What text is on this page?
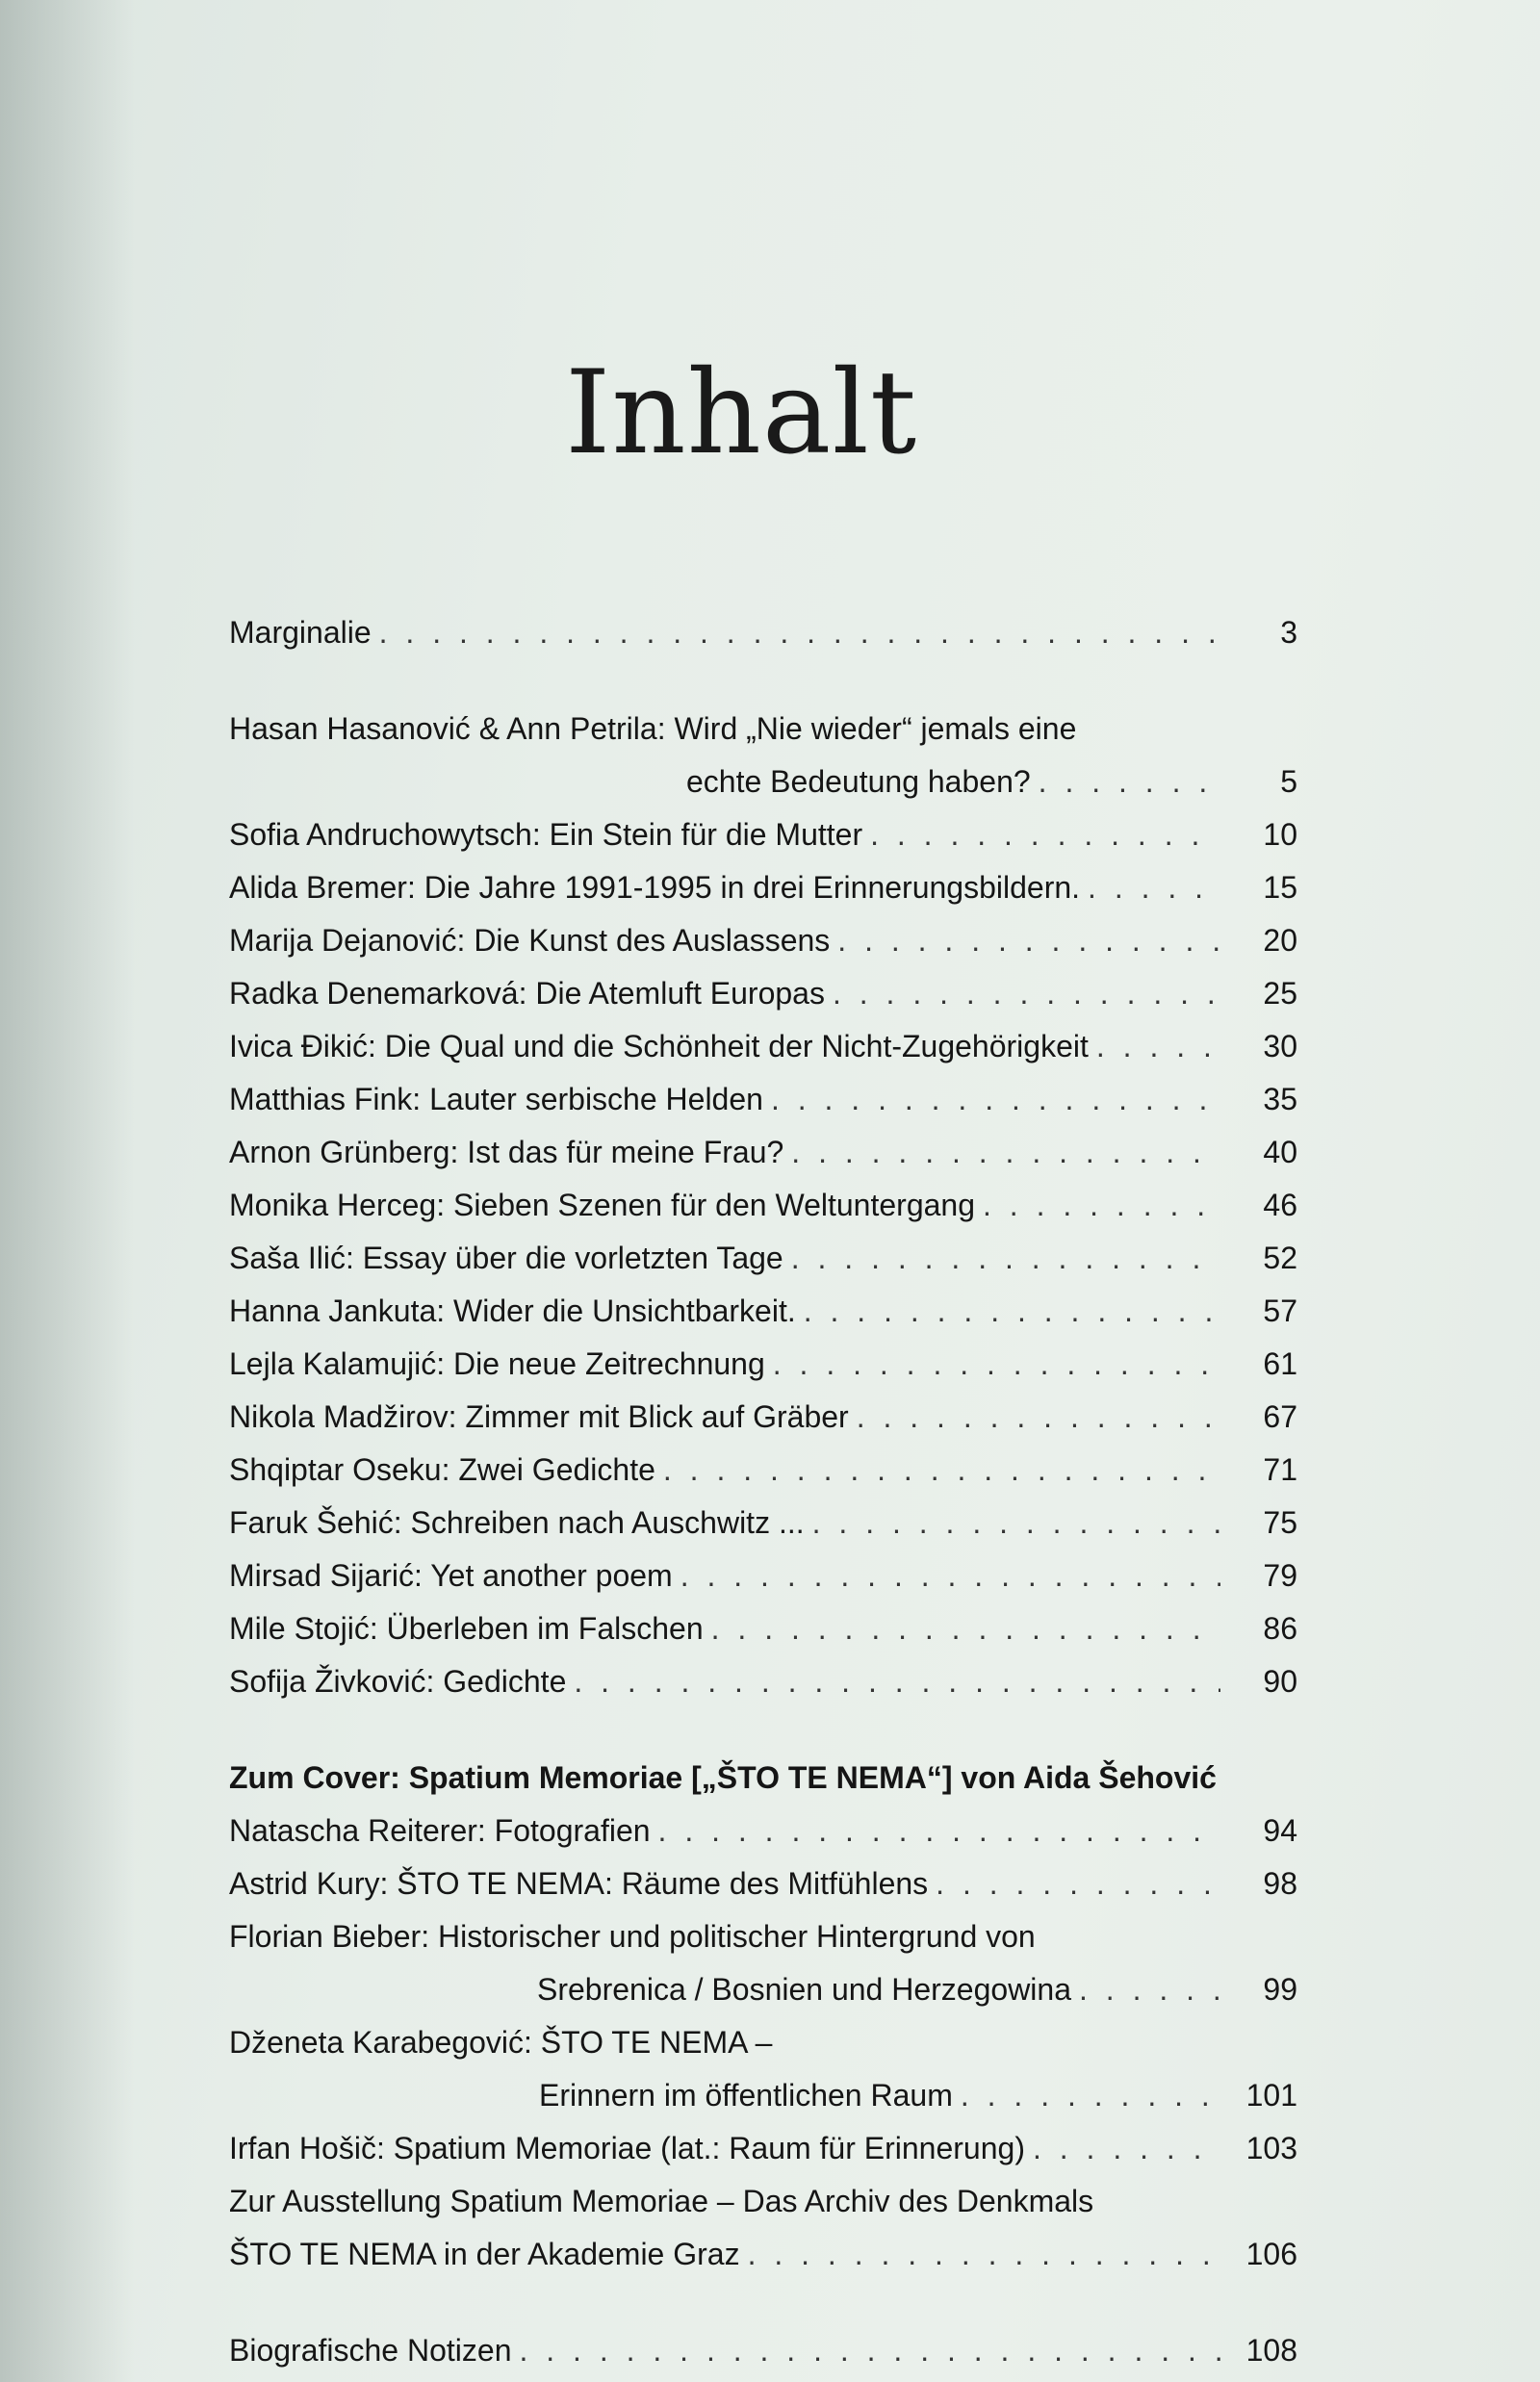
Inhalt
Marginalie . . .	3
Hasan Hasanović & Ann Petrila: Wird „Nie wieder“ jemals eine
echte Bedeutung haben? . . .	5
Sofia Andruchowytsch: Ein Stein für die Mutter . . .	10
Alida Bremer: Die Jahre 1991-1995 in drei Erinnerungsbildern. . . .	15
Marija Dejanović: Die Kunst des Auslassens . . .	20
Radka Denemarková: Die Atemluft Europas . . .	25
Ivica Đikić: Die Qual und die Schönheit der Nicht-Zugehörigkeit . . .	30
Matthias Fink: Lauter serbische Helden . . .	35
Arnon Grünberg: Ist das für meine Frau? . . .	40
Monika Herceg: Sieben Szenen für den Weltuntergang . . .	46
Saša Ilić: Essay über die vorletzten Tage . . .	52
Hanna Jankuta: Wider die Unsichtbarkeit. . . .	57
Lejla Kalamujić: Die neue Zeitrechnung . . .	61
Nikola Madžirov: Zimmer mit Blick auf Gräber . . .	67
Shqiptar Oseku: Zwei Gedichte . . .	71
Faruk Šehić: Schreiben nach Auschwitz ... . . .	75
Mirsad Sijarić: Yet another poem . . .	79
Mile Stojić: Überleben im Falschen . . .	86
Sofija Živković: Gedichte . . .	90
Zum Cover: Spatium Memoriae [„ŠTO TE NEMA“] von Aida Šehović
Natascha Reiterer: Fotografien . . .	94
Astrid Kury: ŠTO TE NEMA: Räume des Mitfühlens . . .	98
Florian Bieber: Historischer und politischer Hintergrund von
Srebrenica / Bosnien und Herzegowina . . .	99
Dženeta Karabegović: ŠTO TE NEMA –
Erinnern im öffentlichen Raum . . .	101
Irfan Hošič: Spatium Memoriae (lat.: Raum für Erinnerung) . . .	103
Zur Ausstellung Spatium Memoriae – Das Archiv des Denkmals
ŠTO TE NEMA in der Akademie Graz . . .	106
Biografische Notizen . . .	108
